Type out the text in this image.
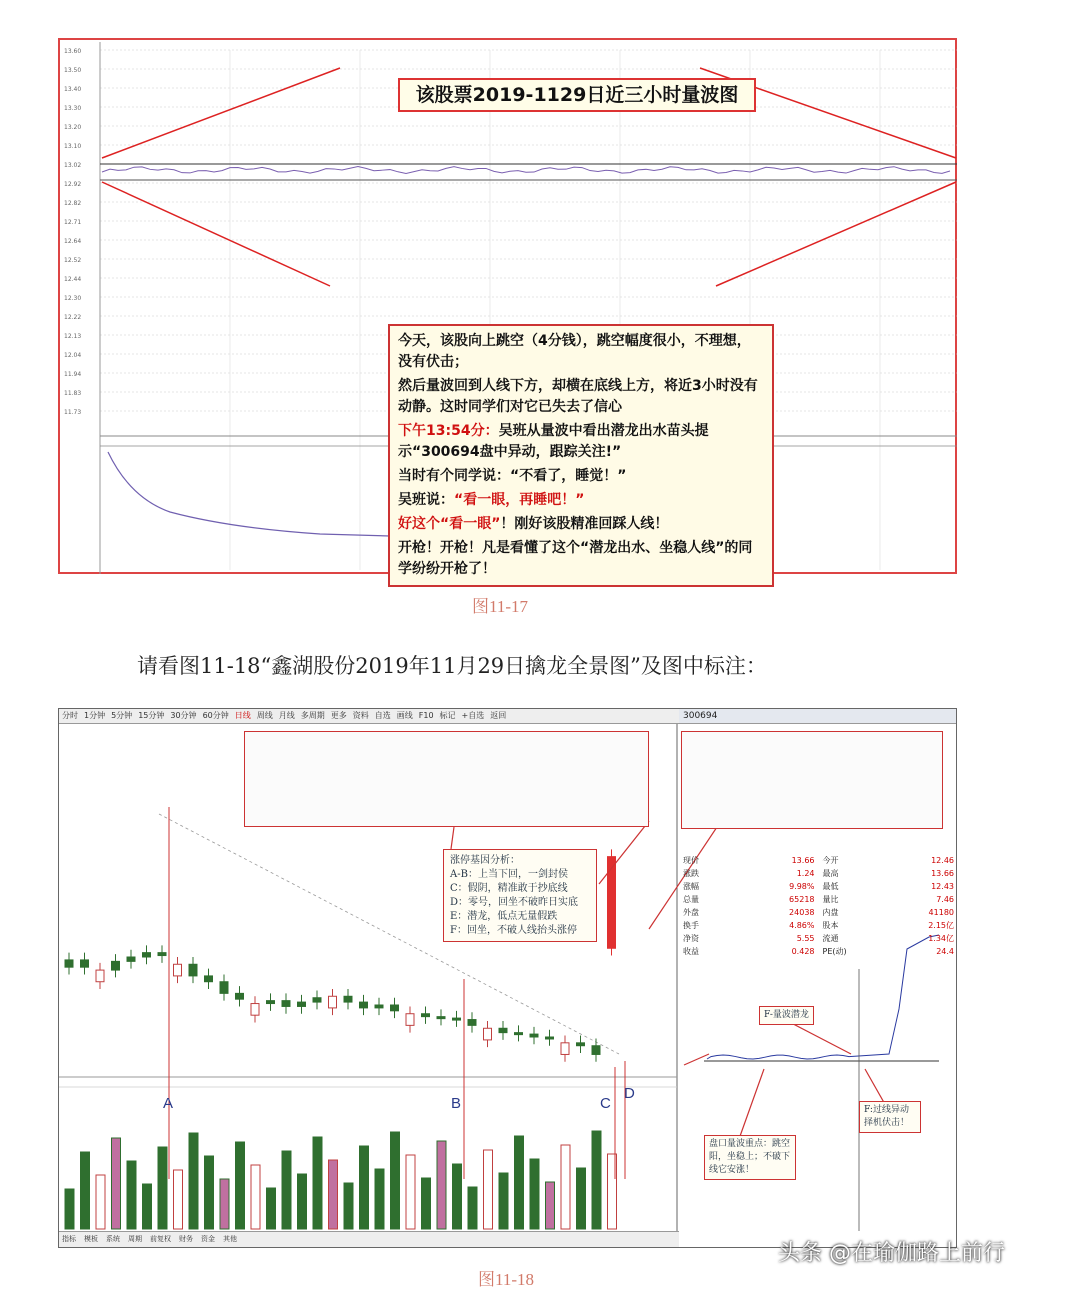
13.60
13.50
13.40
13.30
13.20
13.10
13.02
12.92
12.82
12.71
12.64
12.52
12.44
12.30
12.22
12.13
12.04
11.94
11.83
11.73
该股票2019-1129日近三小时量波图

今天，该股向上跳空（4分钱），跳空幅度很小，不理想，没有伏击；

然后量波回到人线下方，却横在底线上方，将近3小时没有动静。这时同学们对它已失去了信心

下午13:54分：吴班从量波中看出潜龙出水苗头提示“300694盘中异动，跟踪关注!”

当时有个同学说：“不看了，睡觉！”

吴班说：“看一眼，再睡吧！”

好这个“看一眼”！刚好该股精准回踩人线！

开枪！开枪！凡是看懂了这个“潜龙出水、坐稳人线”的同学纷纷开枪了！

图11-17
请看图11-18“鑫湖股份2019年11月29日擒龙全景图”及图中标注：
分时 1分钟 5分钟 15分钟 30分钟 60分钟 日线 周线 月线 多周期 更多 资料 自选 画线 F10 标记 +自选 返回	300694

涨停基因分析：
A-B：上当下回，一剑封侯
C：假阴，精准敢于抄底线
D：零号，回坐不破昨日实底
E：潜龙，低点无量假跌
F：回坐，不破人线抬头涨停
F-量波潜龙
盘口量波重点：跳空阳，坐稳上；不破下线它安涨！
F:过线异动择机伏击！
A	B	C
D
现价	13.66	今开	12.46
涨跌	1.24	最高	13.66
涨幅	9.98%	最低	12.43
总量	65218	量比	7.46
外盘	24038	内盘	41180
换手	4.86%	股本	2.15亿
净资	5.55	流通	1.34亿
收益	0.428	PE(动)	24.4
指标 模板 系统 周期 前复权 财务 资金 其他
图11-18
头条 @在瑜伽路上前行
